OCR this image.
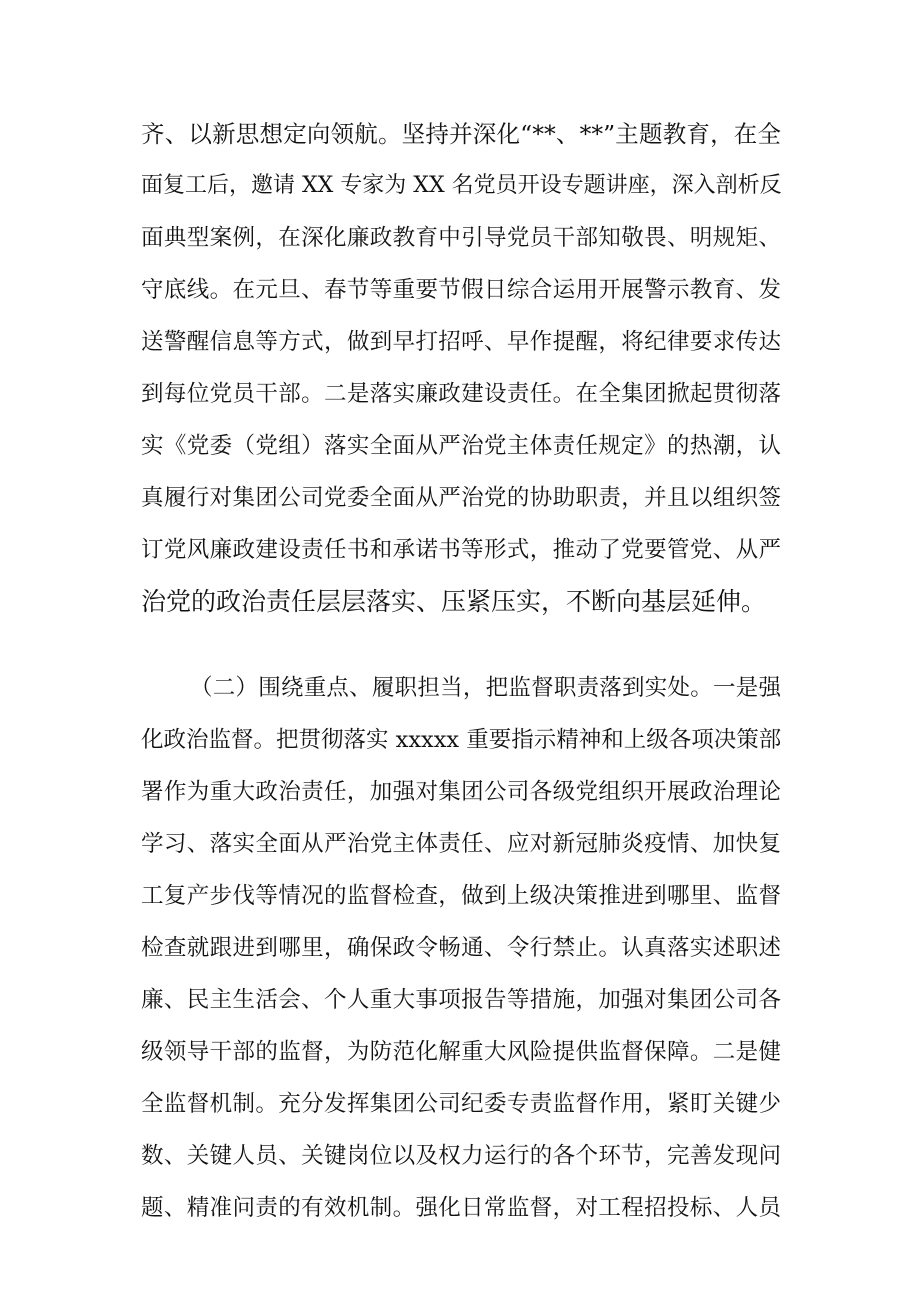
齐、以新思想定向领航。坚持并深化“**、**”主题教育，在全
面复工后，邀请 XX 专家为 XX 名党员开设专题讲座，深入剖析反
面典型案例，在深化廉政教育中引导党员干部知敬畏、明规矩、
守底线。在元旦、春节等重要节假日综合运用开展警示教育、发
送警醒信息等方式，做到早打招呼、早作提醒，将纪律要求传达
到每位党员干部。二是落实廉政建设责任。在全集团掀起贯彻落
实《党委（党组）落实全面从严治党主体责任规定》的热潮，认
真履行对集团公司党委全面从严治党的协助职责，并且以组织签
订党风廉政建设责任书和承诺书等形式，推动了党要管党、从严
治党的政治责任层层落实、压紧压实，不断向基层延伸。
（二）围绕重点、履职担当，把监督职责落到实处。一是强
化政治监督。把贯彻落实 xxxxx 重要指示精神和上级各项决策部
署作为重大政治责任，加强对集团公司各级党组织开展政治理论
学习、落实全面从严治党主体责任、应对新冠肺炎疫情、加快复
工复产步伐等情况的监督检查，做到上级决策推进到哪里、监督
检查就跟进到哪里，确保政令畅通、令行禁止。认真落实述职述
廉、民主生活会、个人重大事项报告等措施，加强对集团公司各
级领导干部的监督，为防范化解重大风险提供监督保障。二是健
全监督机制。充分发挥集团公司纪委专责监督作用，紧盯关键少
数、关键人员、关键岗位以及权力运行的各个环节，完善发现问
题、精准问责的有效机制。强化日常监督，对工程招投标、人员
